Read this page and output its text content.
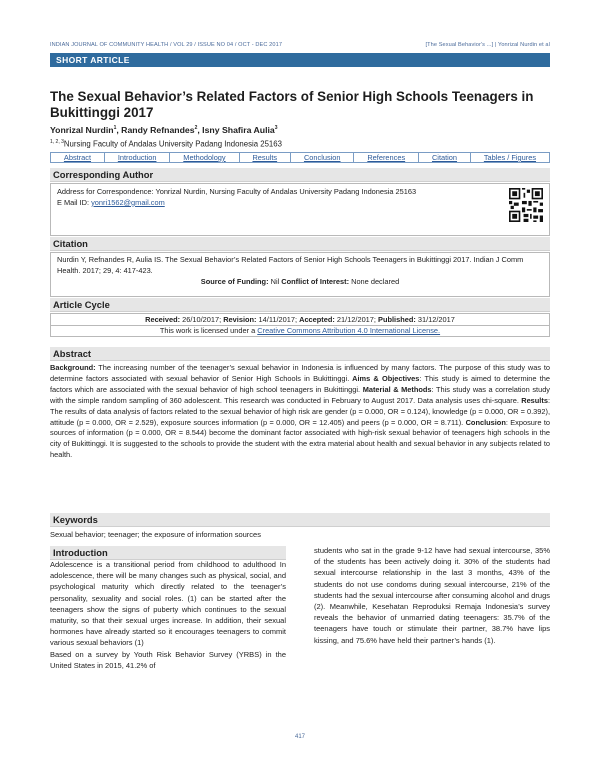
INDIAN JOURNAL OF COMMUNITY HEALTH / VOL 29 / ISSUE NO 04 / OCT - DEC 2017	[The Sexual Behavior's ...] | Yonrizal Nurdin et al
SHORT ARTICLE
The Sexual Behavior’s Related Factors of Senior High Schools Teenagers in Bukittinggi 2017
Yonrizal Nurdin$^1$, Randy Refnandes$^2$, Isny Shafira Aulia$^3$
$^{1, 2, 3}$Nursing Faculty of Andalas University Padang Indonesia 25163
Abstract	Introduction	Methodology	Results	Conclusion	References	Citation	Tables / Figures
Corresponding Author
Address for Correspondence: Yonrizal Nurdin, Nursing Faculty of Andalas University Padang Indonesia 25163
E Mail ID: yonri1562@gmail.com
Citation
Nurdin Y, Refnandes R, Aulia IS. The Sexual Behavior’s Related Factors of Senior High Schools Teenagers in Bukittinggi 2017. Indian J Comm Health. 2017; 29, 4: 417-423.
Source of Funding: Nil Conflict of Interest: None declared
Article Cycle
Received: 26/10/2017; Revision: 14/11/2017; Accepted: 21/12/2017; Published: 31/12/2017
This work is licensed under a Creative Commons Attribution 4.0 International License.
Abstract
Background: The increasing number of the teenager’s sexual behavior in Indonesia is influenced by many factors. The purpose of this study was to determine factors associated with sexual behavior of Senior High Schools in Bukittinggi. Aims & Objectives: This study is aimed to determine the factors which are associated with the sexual behavior of high school teenagers in Bukittinggi. Material & Methods: This study was a correlation study with the simple random sampling of 360 adolescent. This research was conducted in February to August 2017. Data analysis uses chi-square. Results: The results of data analysis of factors related to the sexual behavior of high risk are gender (p = 0.000, OR = 0.124), knowledge (p = 0.000, OR = 0.392), attitude (p = 0.000, OR = 2.529), exposure sources information (p = 0.000, OR = 12.405) and peers (p = 0.000, OR = 8.711). Conclusion: Exposure to sources of information (p = 0.000, OR = 8.544) become the dominant factor associated with high-risk sexual behavior of teenagers high schools in the city of Bukittinggi. It is suggested to the schools to provide the student with the extra material about health and sexual behavior in any subjects related to health.
Keywords
Sexual behavior; teenager; the exposure of information sources
Introduction
Adolescence is a transitional period from childhood to adulthood In adolescence, there will be many changes such as physical, social, and psychological maturity which directly related to the teenager’s personality, sexuality and social roles. (1) can be started after the teenagers show the signs of puberty which continues to the sexual maturity, so that their sexual urges increase. In addition, their sexual hormones have already started so it encourages teenagers to commit various sexual behaviors (1)
Based on a survey by Youth Risk Behavior Survey (YRBS) in the United States in 2015, 41.2% of
students who sat in the grade 9-12 have had sexual intercourse, 35% of the students has been actively doing it. 30% of the students had sexual intercourse relationship in the last 3 months, 43% of the students do not use condoms during sexual intercourse, 21% of the students had the sexual intercourse after consuming alcohol and drugs (2). Meanwhile, Kesehatan Reproduksi Remaja Indonesia’s survey reveals the behavior of unmarried dating teenagers: 35.7% of the teenagers have touch or stimulate their partner, 38.7% have lips kissing, and 75.6% have held their partner’s hands (1).
417
